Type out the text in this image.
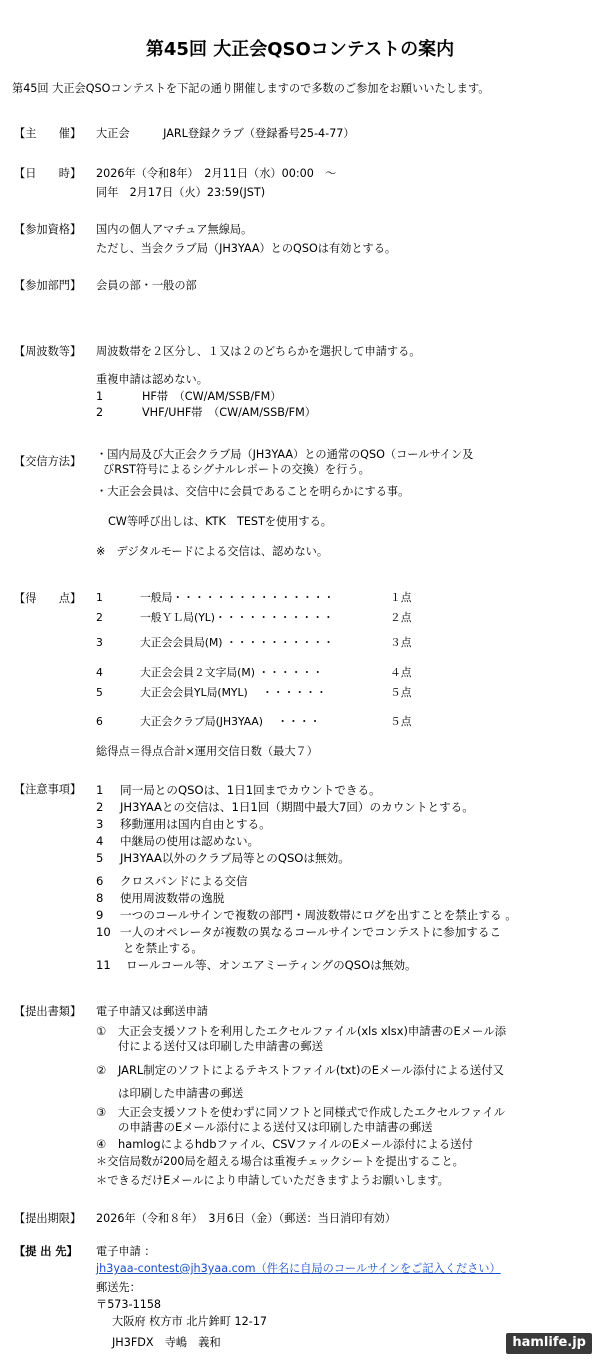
第45回 大正会QSOコンテストの案内
第45回 大正会QSOコンテストを下記の通り開催しますので多数のご参加をお願いいたします。
【主　　催】 大正会　　　JARL登録クラブ（登録番号25-4-77）
【日　　時】 2026年（令和8年）　2月11日（水）00:00　～
同年　2月17日（火）23:59(JST)
【参加資格】 国内の個人アマチュア無線局。
ただし、当会クラブ局（JH3YAA）とのQSOは有効とする。
【参加部門】 会員の部・一般の部
【周波数等】 周波数帯を２区分し、１又は２のどちらかを選択して申請する。
重複申請は認めない。
1	HF帯　（CW/AM/SSB/FM）
2	VHF/UHF帯　（CW/AM/SSB/FM）
【交信方法】
・国内局及び大正会クラブ局（JH3YAA）との通常のQSO（コールサイン及
びRST符号によるシグナルレポートの交換）を行う。
・大正会会員は、交信中に会員であることを明らかにする事。
CW等呼び出しは、KTK　TESTを使用する。
※　デジタルモードによる交信は、認めない。
【得　　点】 1	一般局・・・・・・・・・・・・・・・	１点
2	一般ＹＬ局(YL)・・・・・・・・・・・	２点
3	大正会会員局(M) ・・・・・・・・・・	３点
4	大正会会員２文字局(M) ・・・・・・	４点
5	大正会会員YL局(MYL)　 ・・・・・・	５点
6	大正会クラブ局(JH3YAA)　 ・・・・	５点
総得点＝得点合計×運用交信日数（最大７）
【注意事項】 1 同一局とのQSOは、1日1回までカウントできる。
2 JH3YAAとの交信は、1日1回（期間中最大7回）のカウントとする。
3 移動運用は国内自由とする。
4 中継局の使用は認めない。
5 JH3YAA以外のクラブ局等とのQSOは無効。
6 クロスバンドによる交信
8 使用周波数帯の逸脱
9 一つのコールサインで複数の部門・周波数帯にログを出すことを禁止する 。
10 一人のオペレータが複数の異なるコールサインでコンテストに参加するこ
とを禁止する。
11 ロールコール等、オンエアミーティングのQSOは無効。
【提出書類】 電子申請又は郵送申請
① 大正会支援ソフトを利用したエクセルファイル(xls xlsx)申請書のEメール添
付による送付又は印刷した申請書の郵送
② JARL制定のソフトによるテキストファイル(txt)のEメール添付による送付又
は印刷した申請書の郵送
③ 大正会支援ソフトを使わずに同ソフトと同様式で作成したエクセルファイル
の申請書のEメール添付による送付又は印刷した申請書の郵送
④ hamlogによるhdbファイル、CSVファイルのEメール添付による送付
＊交信局数が200局を超える場合は重複チェックシートを提出すること。
＊できるだけEメールにより申請していただきますようお願いします。
【提出期限】 2026年（令和８年）　3月6日（金）（郵送：当日消印有効）
【提 出 先】 電子申請 ：
jh3yaa-contest@jh3yaa.com（件名に自局のコールサインをご記入ください）
郵送先：
〒573-1158
大阪府 枚方市 北片鉾町 12-17
JH3FDX　寺嶋　義和	hamlife.jp
